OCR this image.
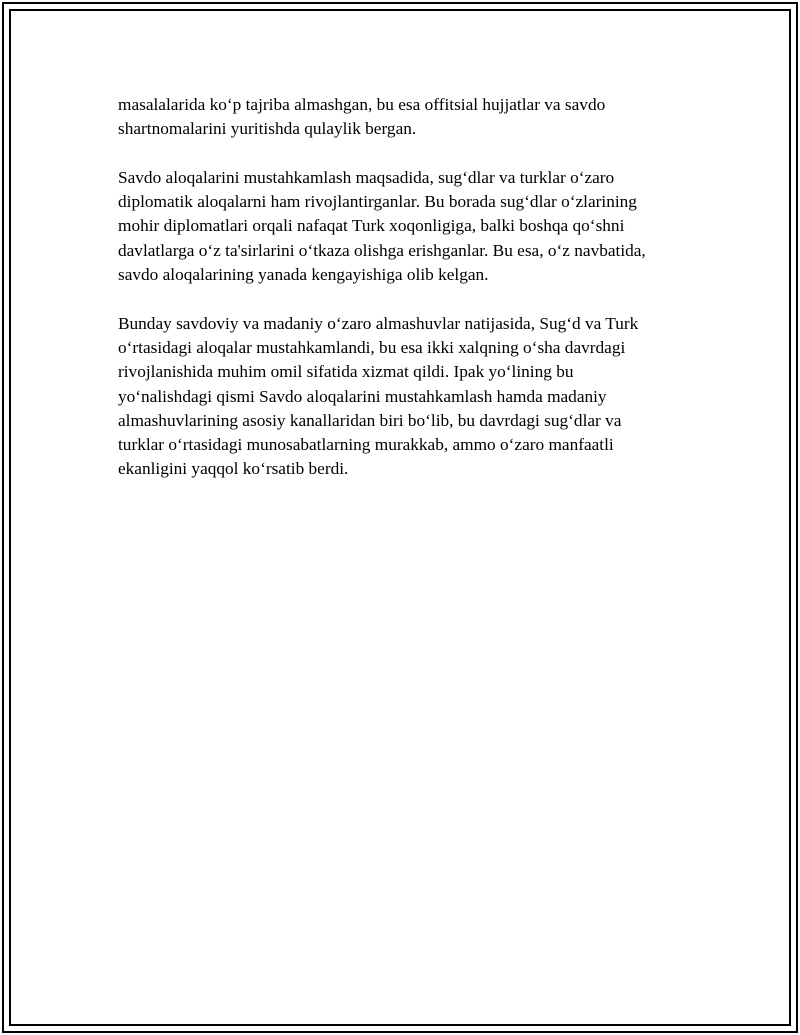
masalalarida ko‘p tajriba almashgan, bu esa offitsial hujjatlar va savdo
shartnomalarini yuritishda qulaylik bergan.

Savdo aloqalarini mustahkamlash maqsadida, sug‘dlar va turklar o‘zaro
diplomatik aloqalarni ham rivojlantirganlar. Bu borada sug‘dlar o‘zlarining
mohir diplomatlari orqali nafaqat Turk xoqonligiga, balki boshqa qo‘shni
davlatlarga o‘z ta'sirlarini o‘tkaza olishga erishganlar. Bu esa, o‘z navbatida,
savdo aloqalarining yanada kengayishiga olib kelgan.

Bunday savdoviy va madaniy o‘zaro almashuvlar natijasida, Sug‘d va Turk
o‘rtasidagi aloqalar mustahkamlandi, bu esa ikki xalqning o‘sha davrdagi
rivojlanishida muhim omil sifatida xizmat qildi. Ipak yo‘lining bu
yo‘nalishdagi qismi Savdo aloqalarini mustahkamlash hamda madaniy
almashuvlarining asosiy kanallaridan biri bo‘lib, bu davrdagi sug‘dlar va
turklar o‘rtasidagi munosabatlarning murakkab, ammo o‘zaro manfaatli
ekanligini yaqqol ko‘rsatib berdi.
